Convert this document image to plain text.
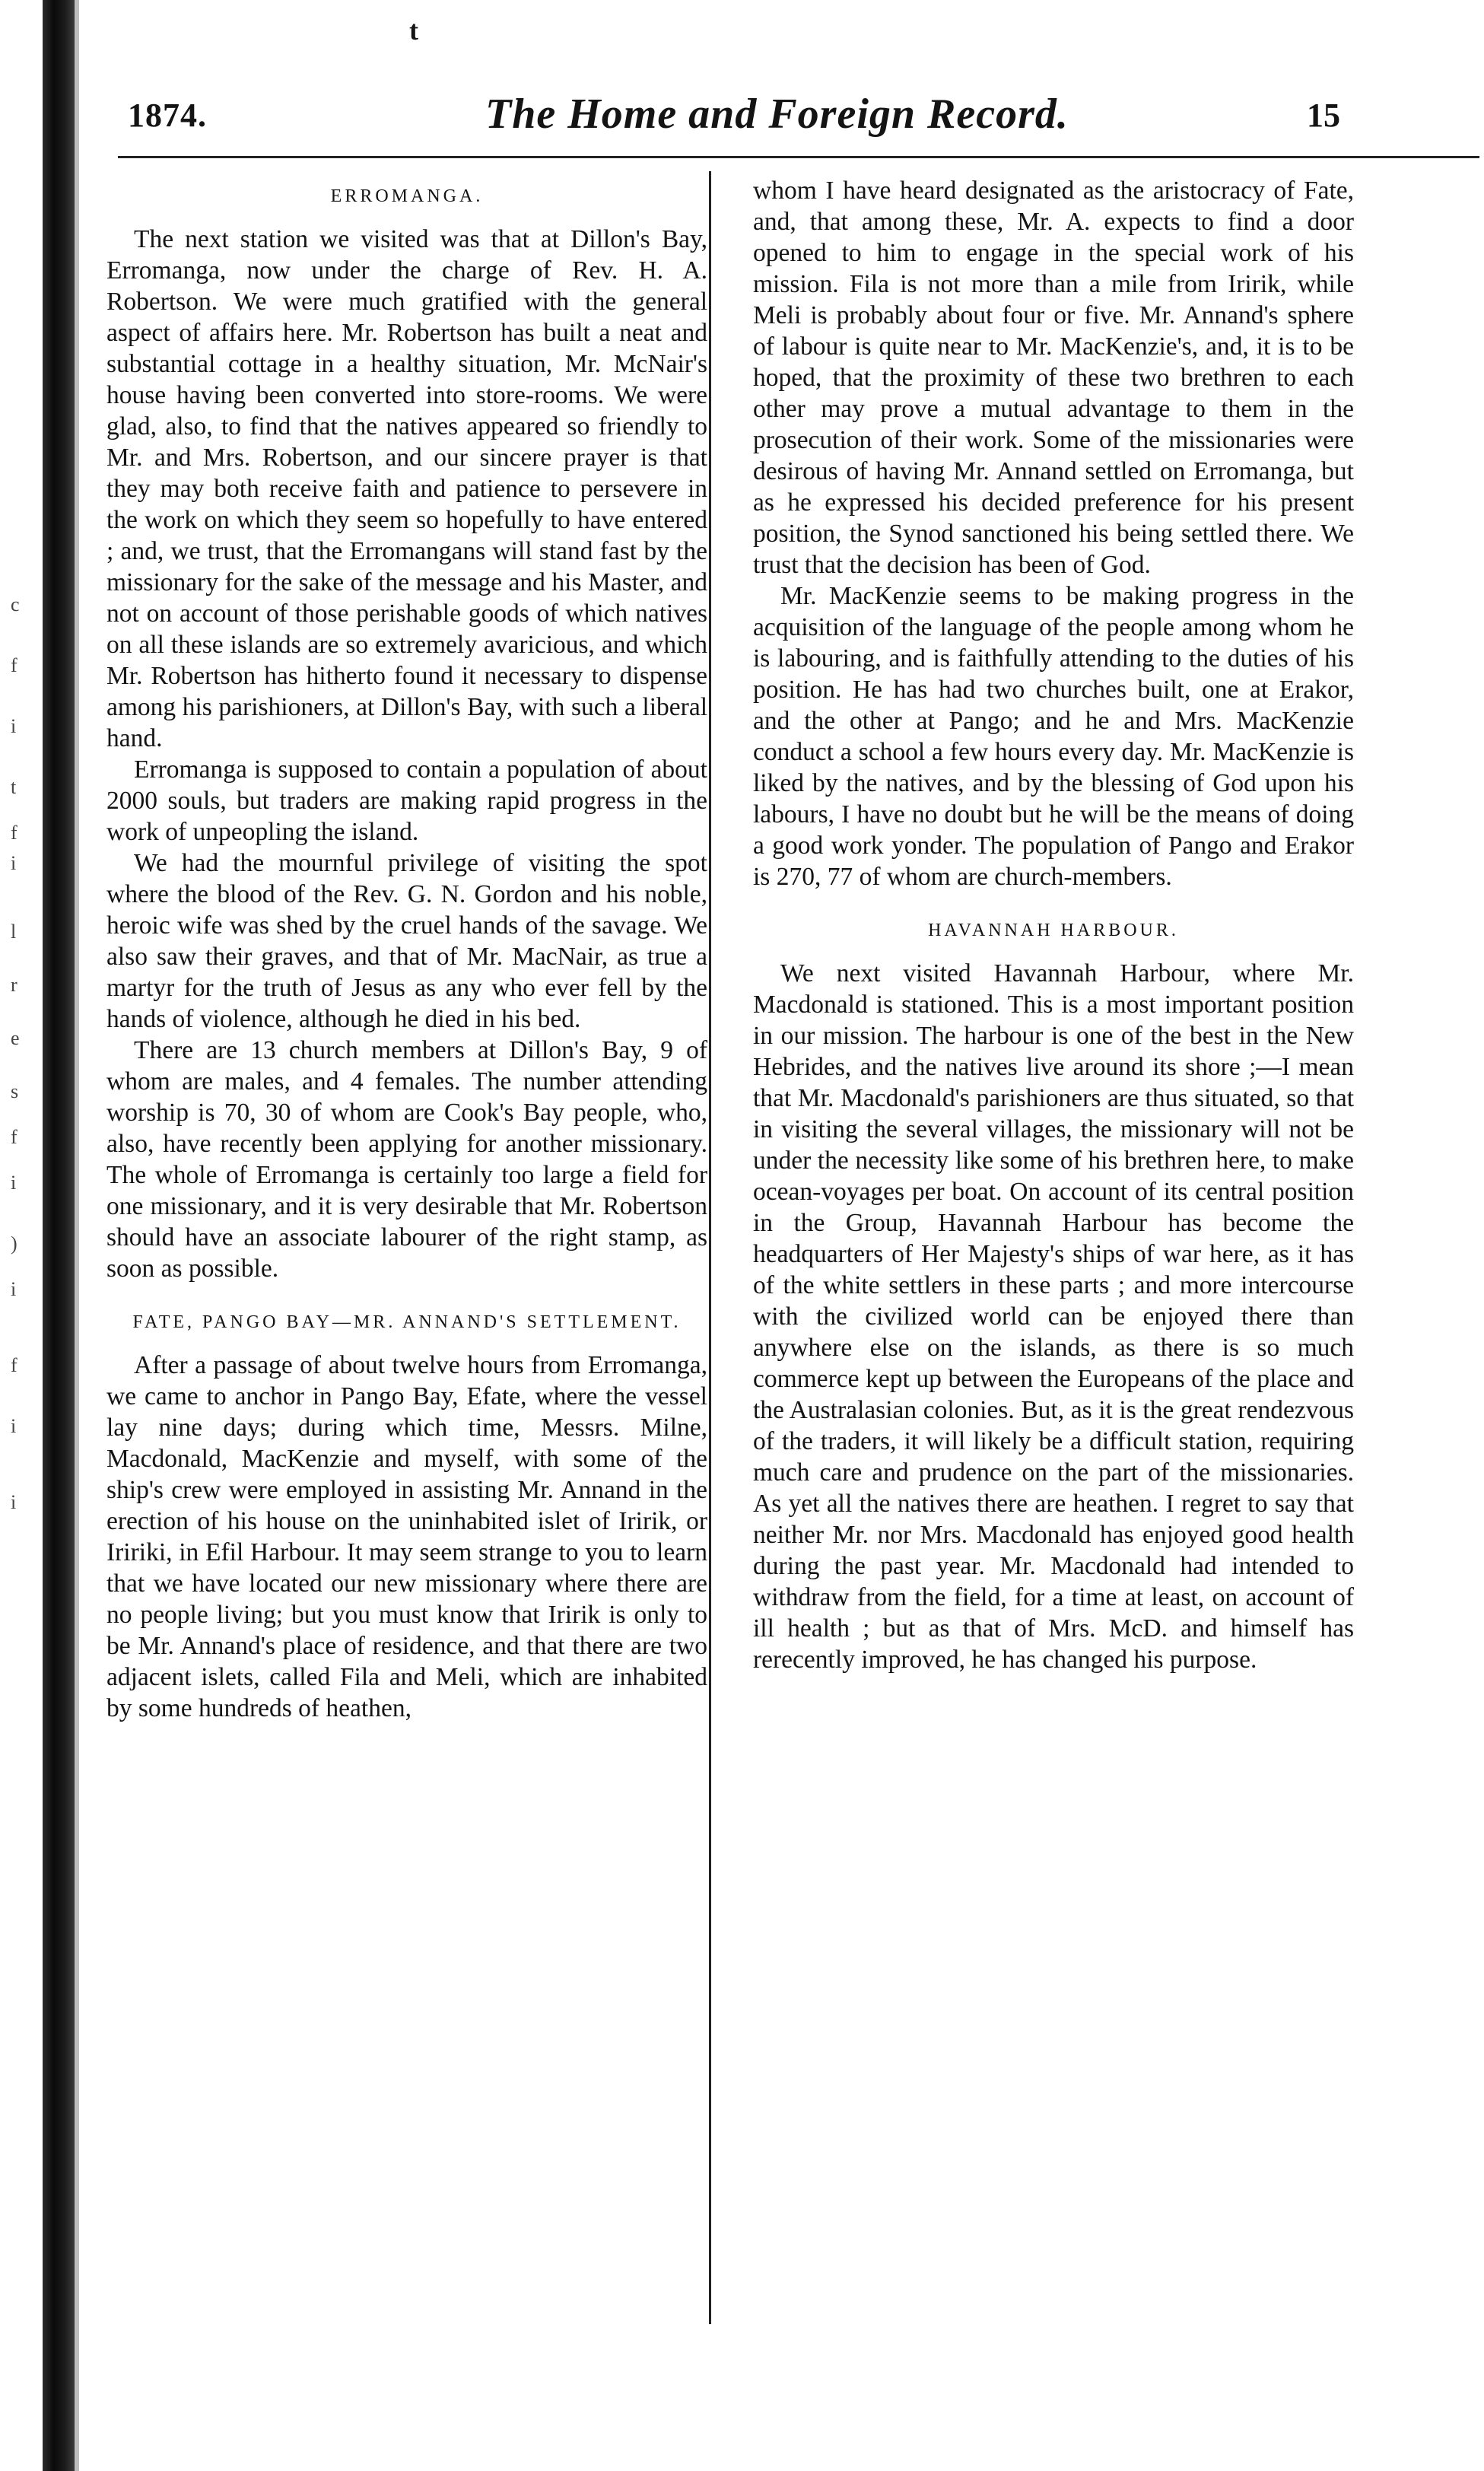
c
f
i
t
f
i
l
r
e
s
f
i
)
i
f
i
i
t
1874.	The Home and Foreign Record.	15
ERROMANGA.

The next station we visited was that at Dillon's Bay, Erromanga, now under the charge of Rev. H. A. Robertson. We were much gratified with the general aspect of affairs here. Mr. Robertson has built a neat and substantial cottage in a healthy situation, Mr. McNair's house having been converted into store-rooms. We were glad, also, to find that the natives appeared so friendly to Mr. and Mrs. Robertson, and our sincere prayer is that they may both receive faith and patience to persevere in the work on which they seem so hopefully to have entered ; and, we trust, that the Erromangans will stand fast by the missionary for the sake of the message and his Master, and not on account of those perishable goods of which natives on all these islands are so extremely avaricious, and which Mr. Robertson has hitherto found it necessary to dispense among his parishioners, at Dillon's Bay, with such a liberal hand.

Erromanga is supposed to contain a population of about 2000 souls, but traders are making rapid progress in the work of unpeopling the island.

We had the mournful privilege of visiting the spot where the blood of the Rev. G. N. Gordon and his noble, heroic wife was shed by the cruel hands of the savage. We also saw their graves, and that of Mr. MacNair, as true a martyr for the truth of Jesus as any who ever fell by the hands of violence, although he died in his bed.

There are 13 church members at Dillon's Bay, 9 of whom are males, and 4 females. The number attending worship is 70, 30 of whom are Cook's Bay people, who, also, have recently been applying for another missionary. The whole of Erromanga is certainly too large a field for one missionary, and it is very desirable that Mr. Robertson should have an associate labourer of the right stamp, as soon as possible.

FATE, PANGO BAY—MR. ANNAND'S SETTLEMENT.

After a passage of about twelve hours from Erromanga, we came to anchor in Pango Bay, Efate, where the vessel lay nine days; during which time, Messrs. Milne, Macdonald, MacKenzie and myself, with some of the ship's crew were employed in assisting Mr. Annand in the erection of his house on the uninhabited islet of Iririk, or Iririki, in Efil Harbour. It may seem strange to you to learn that we have located our new missionary where there are no people living; but you must know that Iririk is only to be Mr. Annand's place of residence, and that there are two adjacent islets, called Fila and Meli, which are inhabited by some hundreds of heathen,

whom I have heard designated as the aristocracy of Fate, and, that among these, Mr. A. expects to find a door opened to him to engage in the special work of his mission. Fila is not more than a mile from Iririk, while Meli is probably about four or five. Mr. Annand's sphere of labour is quite near to Mr. MacKenzie's, and, it is to be hoped, that the proximity of these two brethren to each other may prove a mutual advantage to them in the prosecution of their work. Some of the missionaries were desirous of having Mr. Annand settled on Erromanga, but as he expressed his decided preference for his present position, the Synod sanctioned his being settled there. We trust that the decision has been of God.

Mr. MacKenzie seems to be making progress in the acquisition of the language of the people among whom he is labouring, and is faithfully attending to the duties of his position. He has had two churches built, one at Erakor, and the other at Pango; and he and Mrs. MacKenzie conduct a school a few hours every day. Mr. MacKenzie is liked by the natives, and by the blessing of God upon his labours, I have no doubt but he will be the means of doing a good work yonder. The population of Pango and Erakor is 270, 77 of whom are church-members.

HAVANNAH HARBOUR.

We next visited Havannah Harbour, where Mr. Macdonald is stationed. This is a most important position in our mission. The harbour is one of the best in the New Hebrides, and the natives live around its shore ;—I mean that Mr. Macdonald's parishioners are thus situated, so that in visiting the several villages, the missionary will not be under the necessity like some of his brethren here, to make ocean-voyages per boat. On account of its central position in the Group, Havannah Harbour has become the headquarters of Her Majesty's ships of war here, as it has of the white settlers in these parts ; and more intercourse with the civilized world can be enjoyed there than anywhere else on the islands, as there is so much commerce kept up between the Europeans of the place and the Australasian colonies. But, as it is the great rendezvous of the traders, it will likely be a difficult station, requiring much care and prudence on the part of the missionaries. As yet all the natives there are heathen. I regret to say that neither Mr. nor Mrs. Macdonald has enjoyed good health during the past year. Mr. Macdonald had intended to withdraw from the field, for a time at least, on account of ill health ; but as that of Mrs. McD. and himself has rerecently improved, he has changed his purpose.
